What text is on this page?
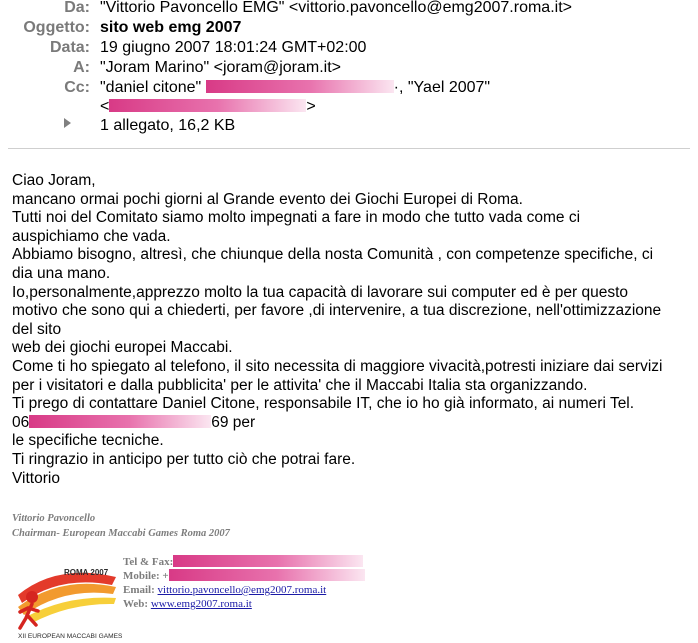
Da: "Vittorio Pavoncello EMG" <vittorio.pavoncello@emg2007.roma.it>
Oggetto: sito web emg 2007
Data: 19 giugno 2007 18:01:24 GMT+02:00
A: "Joram Marino" <joram@joram.it>
Cc: "daniel citone"	·, "Yael 2007"
<	>
1 allegato, 16,2 KB
Ciao Joram,
mancano ormai pochi giorni al Grande evento dei Giochi Europei di Roma.
Tutti noi del Comitato siamo molto impegnati a fare in modo che tutto vada come ci
auspichiamo che vada.
Abbiamo bisogno, altresì, che chiunque della nosta Comunità , con competenze specifiche, ci
dia una mano.
Io,personalmente,apprezzo molto la tua capacità di lavorare sui computer ed è per questo
motivo che sono qui a chiederti, per favore ,di intervenire, a tua discrezione, nell'ottimizzazione
del sito
web dei giochi europei Maccabi.
Come ti ho spiegato al telefono, il sito necessita di maggiore vivacità,potresti iniziare dai servizi
per i visitatori e dalla pubblicita' per le attivita' che il Maccabi Italia sta organizzando.
Ti prego di contattare Daniel Citone, responsabile IT, che io ho già informato, ai numeri Tel.
06	69 per
le specifiche tecniche.
Ti ringrazio in anticipo per tutto ciò che potrai fare.
Vittorio
Vittorio Pavoncello
Chairman- European Maccabi Games Roma 2007
ROMA 2007
XII EUROPEAN MACCABI GAMES
Tel & Fax:
Mobile: +
Email: vittorio.pavoncello@emg2007.roma.it
Web: www.emg2007.roma.it
